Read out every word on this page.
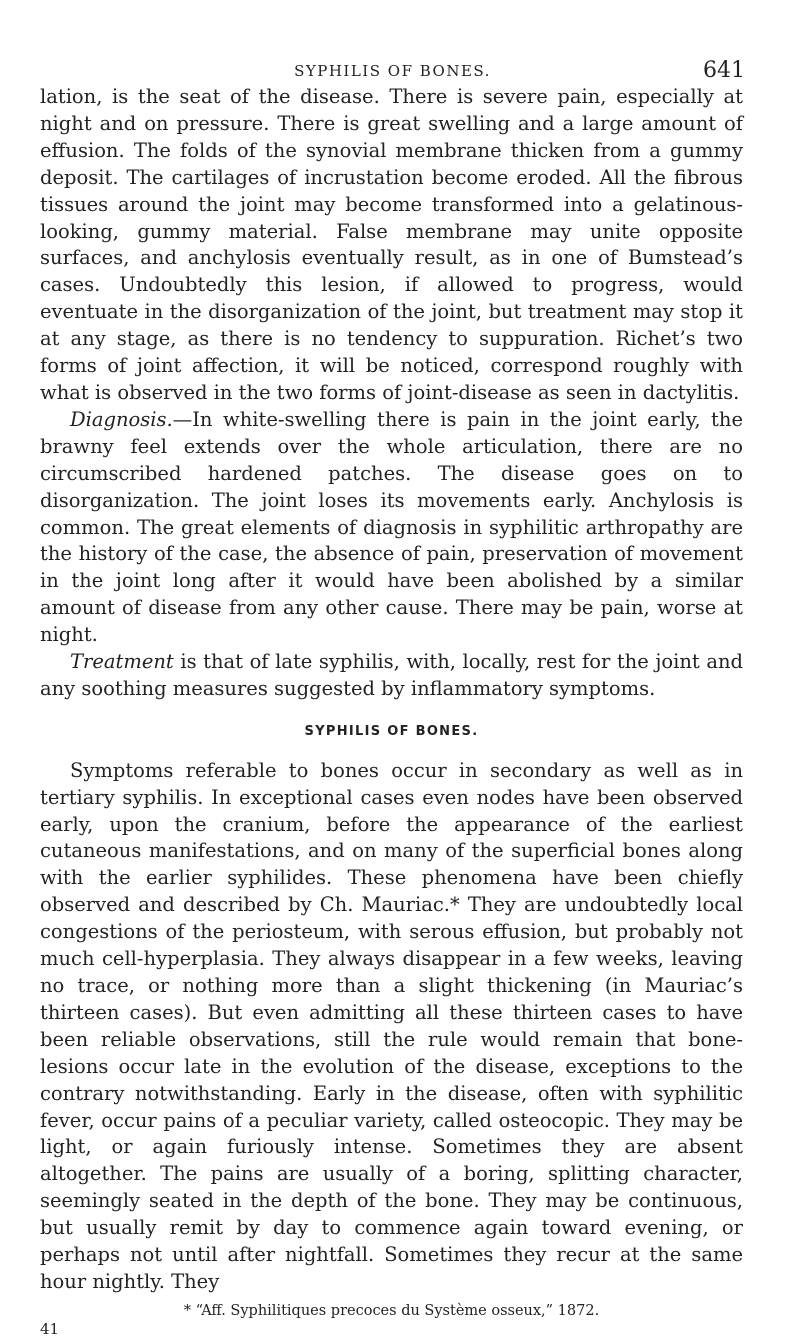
SYPHILIS OF BONES.	641

lation, is the seat of the disease. There is severe pain, especially at night and on pressure. There is great swelling and a large amount of effusion. The folds of the synovial membrane thicken from a gummy deposit. The cartilages of incrustation become eroded. All the fibrous tissues around the joint may become transformed into a gelatinous-looking, gummy material. False membrane may unite opposite surfaces, and anchylosis eventually result, as in one of Bumstead’s cases. Undoubtedly this lesion, if allowed to progress, would eventuate in the disorganization of the joint, but treatment may stop it at any stage, as there is no tendency to suppuration. Richet’s two forms of joint affection, it will be noticed, correspond roughly with what is observed in the two forms of joint-disease as seen in dactylitis.

Diagnosis.—In white-swelling there is pain in the joint early, the brawny feel extends over the whole articulation, there are no circumscribed hardened patches. The disease goes on to disorganization. The joint loses its movements early. Anchylosis is common. The great elements of diagnosis in syphilitic arthropathy are the history of the case, the absence of pain, preservation of movement in the joint long after it would have been abolished by a similar amount of disease from any other cause. There may be pain, worse at night.

Treatment is that of late syphilis, with, locally, rest for the joint and any soothing measures suggested by inflammatory symptoms.

SYPHILIS OF BONES.

Symptoms referable to bones occur in secondary as well as in tertiary syphilis. In exceptional cases even nodes have been observed early, upon the cranium, before the appearance of the earliest cutaneous manifestations, and on many of the superficial bones along with the earlier syphilides. These phenomena have been chiefly observed and described by Ch. Mauriac.* They are undoubtedly local congestions of the periosteum, with serous effusion, but probably not much cell-hyperplasia. They always disappear in a few weeks, leaving no trace, or nothing more than a slight thickening (in Mauriac’s thirteen cases). But even admitting all these thirteen cases to have been reliable observations, still the rule would remain that bone-lesions occur late in the evolution of the disease, exceptions to the contrary notwithstanding. Early in the disease, often with syphilitic fever, occur pains of a peculiar variety, called osteocopic. They may be light, or again furiously intense. Sometimes they are absent altogether. The pains are usually of a boring, splitting character, seemingly seated in the depth of the bone. They may be continuous, but usually remit by day to commence again toward evening, or perhaps not until after nightfall. Sometimes they recur at the same hour nightly. They

* “Aff. Syphilitiques precoces du Système osseux,” 1872.
41
